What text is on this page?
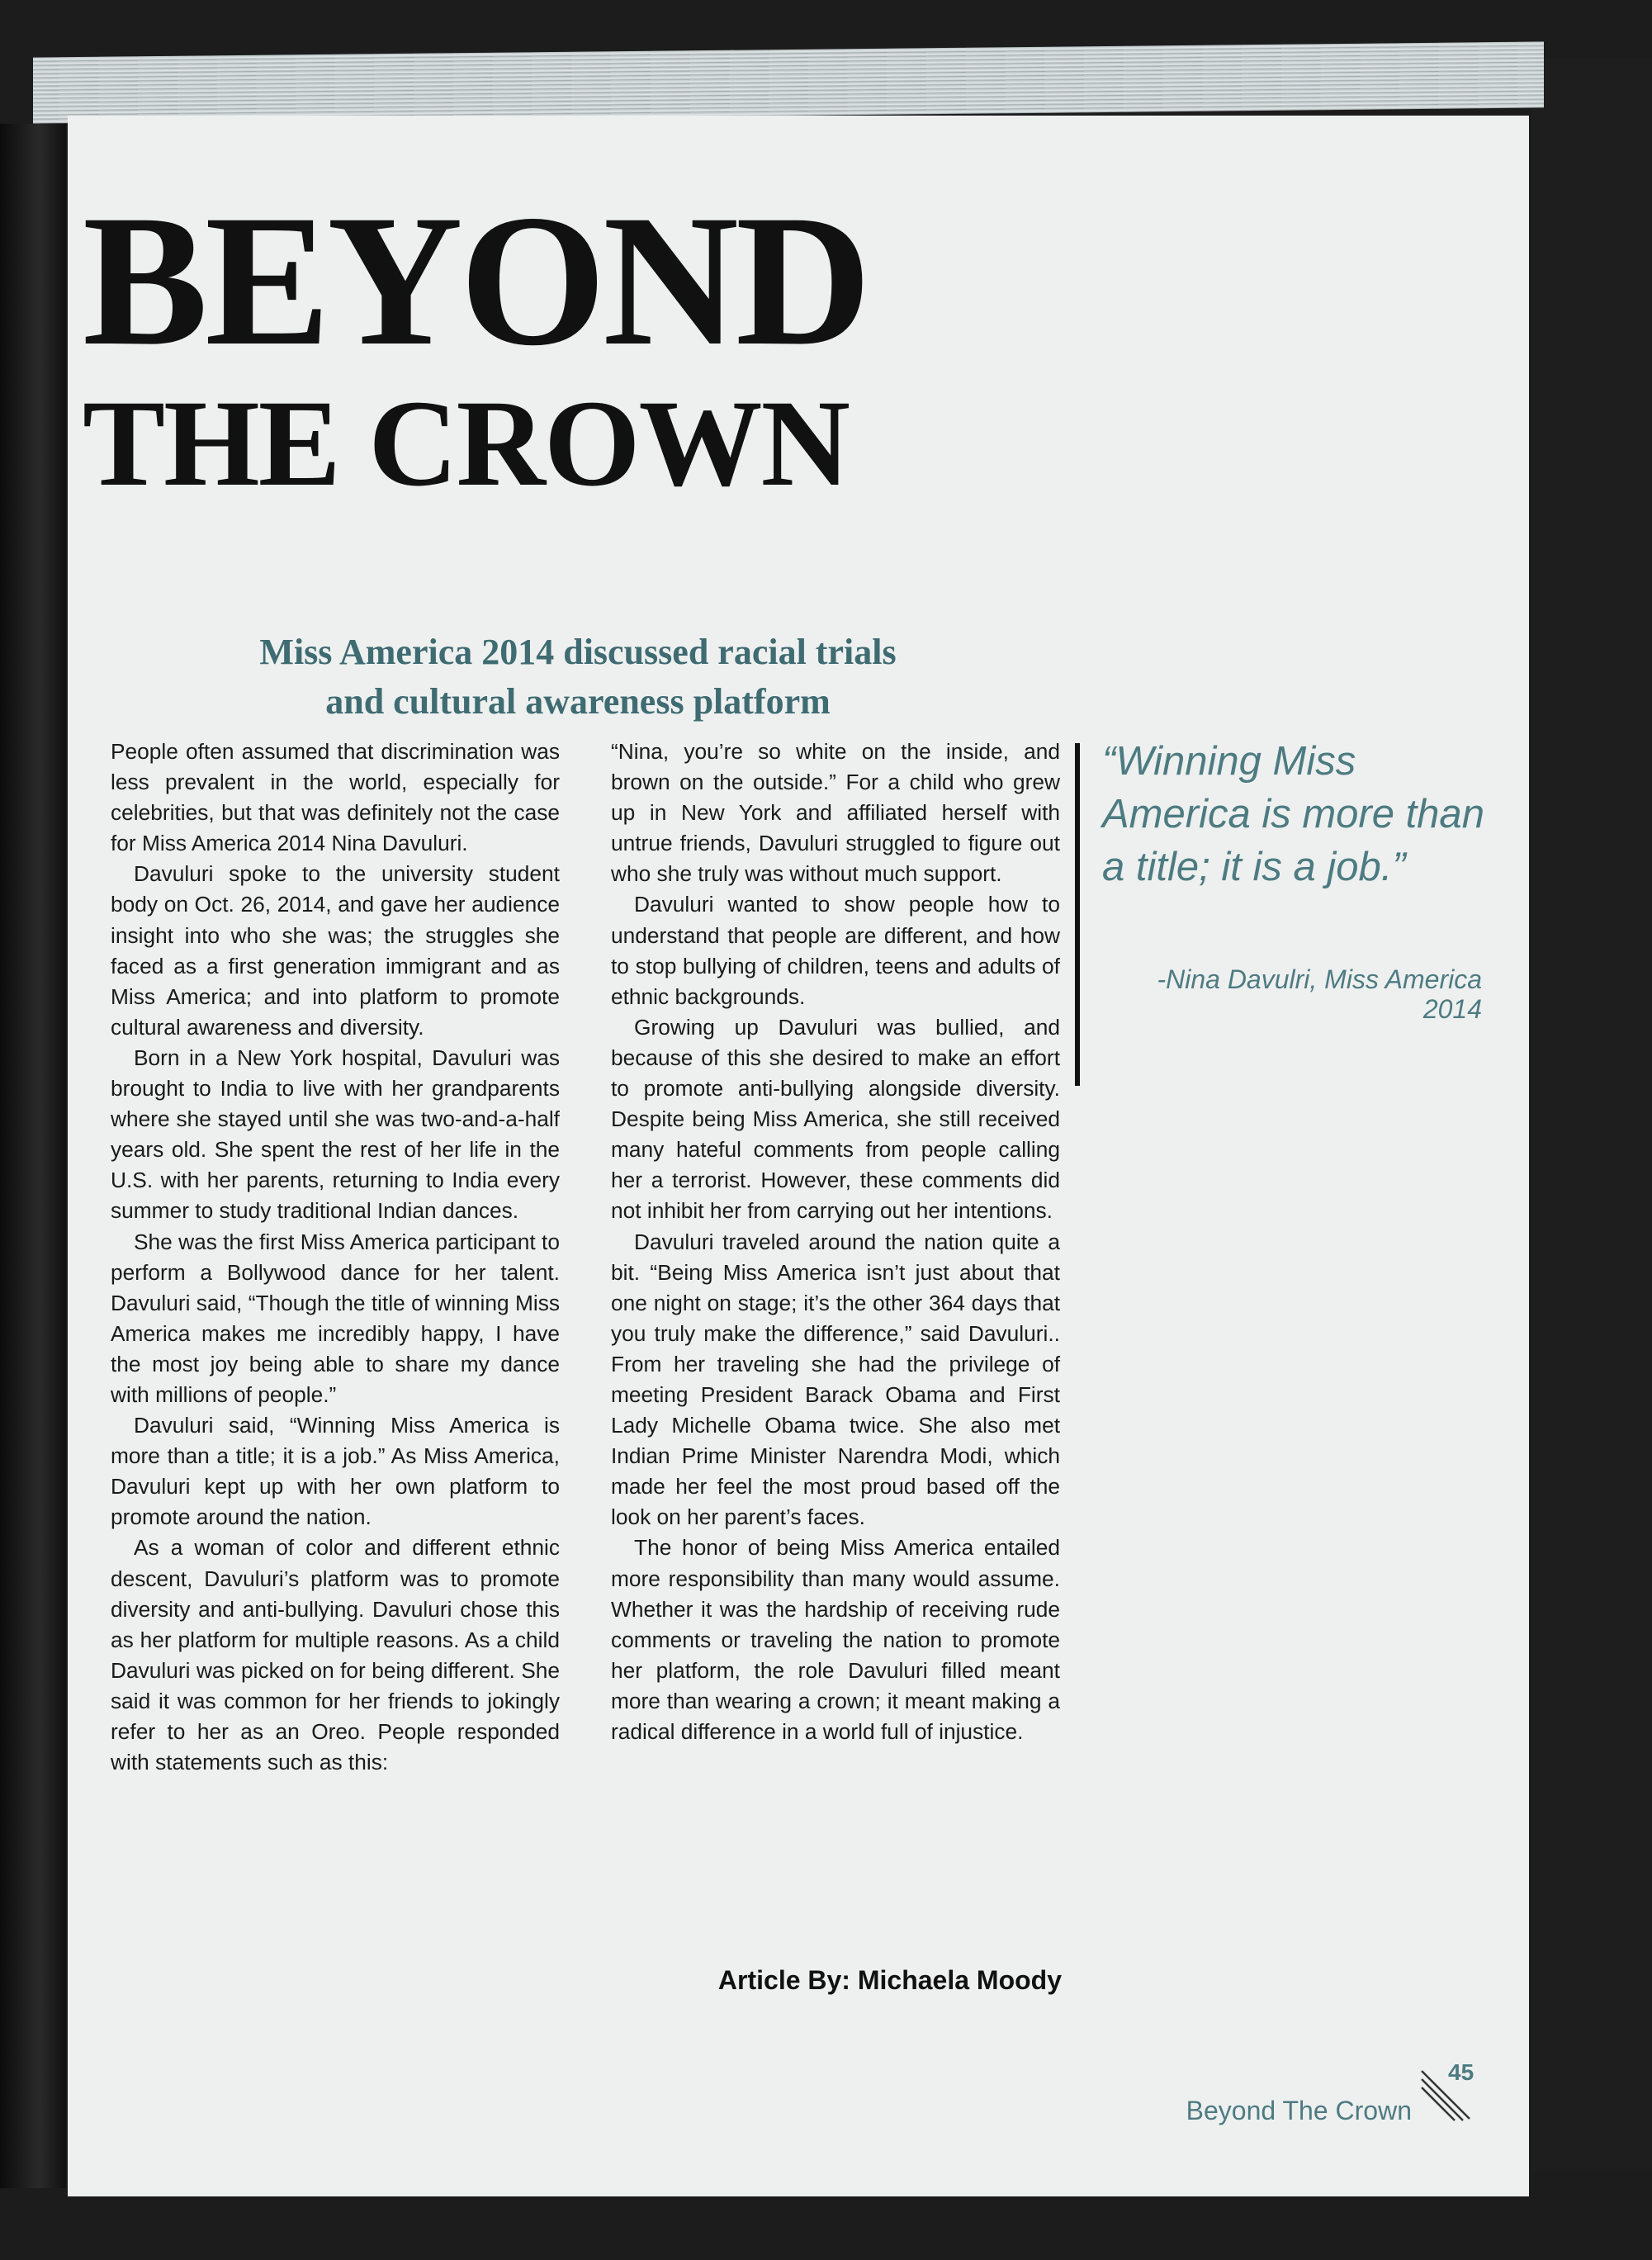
BEYOND
THE CROWN
Miss America 2014 discussed racial trials
and cultural awareness platform

People often assumed that discrimination was less prevalent in the world, especially for celebrities, but that was definitely not the case for Miss America 2014 Nina Davuluri.

Davuluri spoke to the university student body on Oct. 26, 2014, and gave her audience insight into who she was; the struggles she faced as a first generation immigrant and as Miss America; and into platform to promote cultural awareness and diversity.

Born in a New York hospital, Davuluri was brought to India to live with her grandparents where she stayed until she was two-and-a-half years old. She spent the rest of her life in the U.S. with her parents, returning to India every summer to study traditional Indian dances.

She was the first Miss America participant to perform a Bollywood dance for her talent. Davuluri said, “Though the title of winning Miss America makes me incredibly happy, I have the most joy being able to share my dance with millions of people.”

Davuluri said, “Winning Miss America is more than a title; it is a job.” As Miss America, Davuluri kept up with her own platform to promote around the nation.

As a woman of color and different ethnic descent, Davuluri’s platform was to promote diversity and anti-bullying. Davuluri chose this as her platform for multiple reasons. As a child Davuluri was picked on for being different. She said it was common for her friends to jokingly refer to her as an Oreo. People responded with statements such as this:

“Nina, you’re so white on the inside, and brown on the outside.” For a child who grew up in New York and affiliated herself with untrue friends, Davuluri struggled to figure out who she truly was without much support.

Davuluri wanted to show people how to understand that people are different, and how to stop bullying of children, teens and adults of ethnic backgrounds.

Growing up Davuluri was bullied, and because of this she desired to make an effort to promote anti-bullying alongside diversity. Despite being Miss America, she still received many hateful comments from people calling her a terrorist. However, these comments did not inhibit her from carrying out her intentions.

Davuluri traveled around the nation quite a bit. “Being Miss America isn’t just about that one night on stage; it’s the other 364 days that you truly make the difference,” said Davuluri.. From her traveling she had the privilege of meeting President Barack Obama and First Lady Michelle Obama twice. She also met Indian Prime Minister Narendra Modi, which made her feel the most proud based off the look on her parent’s faces.

The honor of being Miss America entailed more responsibility than many would assume. Whether it was the hardship of receiving rude comments or traveling the nation to promote her platform, the role Davuluri filled meant more than wearing a crown; it meant making a radical difference in a world full of injustice.

“Winning Miss America is more than a title; it is a job.”
-Nina Davulri, Miss America 2014
Article By: Michaela Moody
Beyond The Crown
45
